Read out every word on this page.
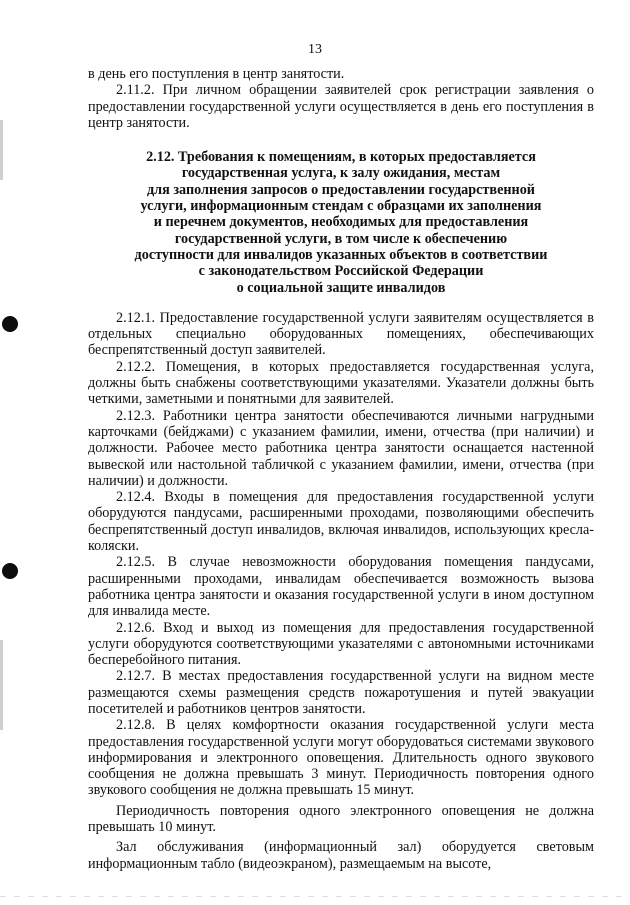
13

в день его поступления в центр занятости.

2.11.2. При личном обращении заявителей срок регистрации заявления о предоставлении государственной услуги осуществляется в день его поступления в центр занятости.

2.12. Требования к помещениям, в которых предоставляется
государственная услуга, к залу ожидания, местам
для заполнения запросов о предоставлении государственной
услуги, информационным стендам с образцами их заполнения
и перечнем документов, необходимых для предоставления
государственной услуги, в том числе к обеспечению
доступности для инвалидов указанных объектов в соответствии
с законодательством Российской Федерации
о социальной защите инвалидов

2.12.1. Предоставление государственной услуги заявителям осуществляется в отдельных специально оборудованных помещениях, обеспечивающих беспрепятственный доступ заявителей.

2.12.2. Помещения, в которых предоставляется государственная услуга, должны быть снабжены соответствующими указателями. Указатели должны быть четкими, заметными и понятными для заявителей.

2.12.3. Работники центра занятости обеспечиваются личными нагрудными карточками (бейджами) с указанием фамилии, имени, отчества (при наличии) и должности. Рабочее место работника центра занятости оснащается настенной вывеской или настольной табличкой с указанием фамилии, имени, отчества (при наличии) и должности.

2.12.4. Входы в помещения для предоставления государственной услуги оборудуются пандусами, расширенными проходами, позволяющими обеспечить беспрепятственный доступ инвалидов, включая инвалидов, использующих кресла-коляски.

2.12.5. В случае невозможности оборудования помещения пандусами, расширенными проходами, инвалидам обеспечивается возможность вызова работника центра занятости и оказания государственной услуги в ином доступном для инвалида месте.

2.12.6. Вход и выход из помещения для предоставления государственной услуги оборудуются соответствующими указателями с автономными источниками бесперебойного питания.

2.12.7. В местах предоставления государственной услуги на видном месте размещаются схемы размещения средств пожаротушения и путей эвакуации посетителей и работников центров занятости.

2.12.8. В целях комфортности оказания государственной услуги места предоставления государственной услуги могут оборудоваться системами звукового информирования и электронного оповещения. Длительность одного звукового сообщения не должна превышать 3 минут. Периодичность повторения одного звукового сообщения не должна превышать 15 минут.

Периодичность повторения одного электронного оповещения не должна превышать 10 минут.

Зал обслуживания (информационный зал) оборудуется световым информационным табло (видеоэкраном), размещаемым на высоте,
